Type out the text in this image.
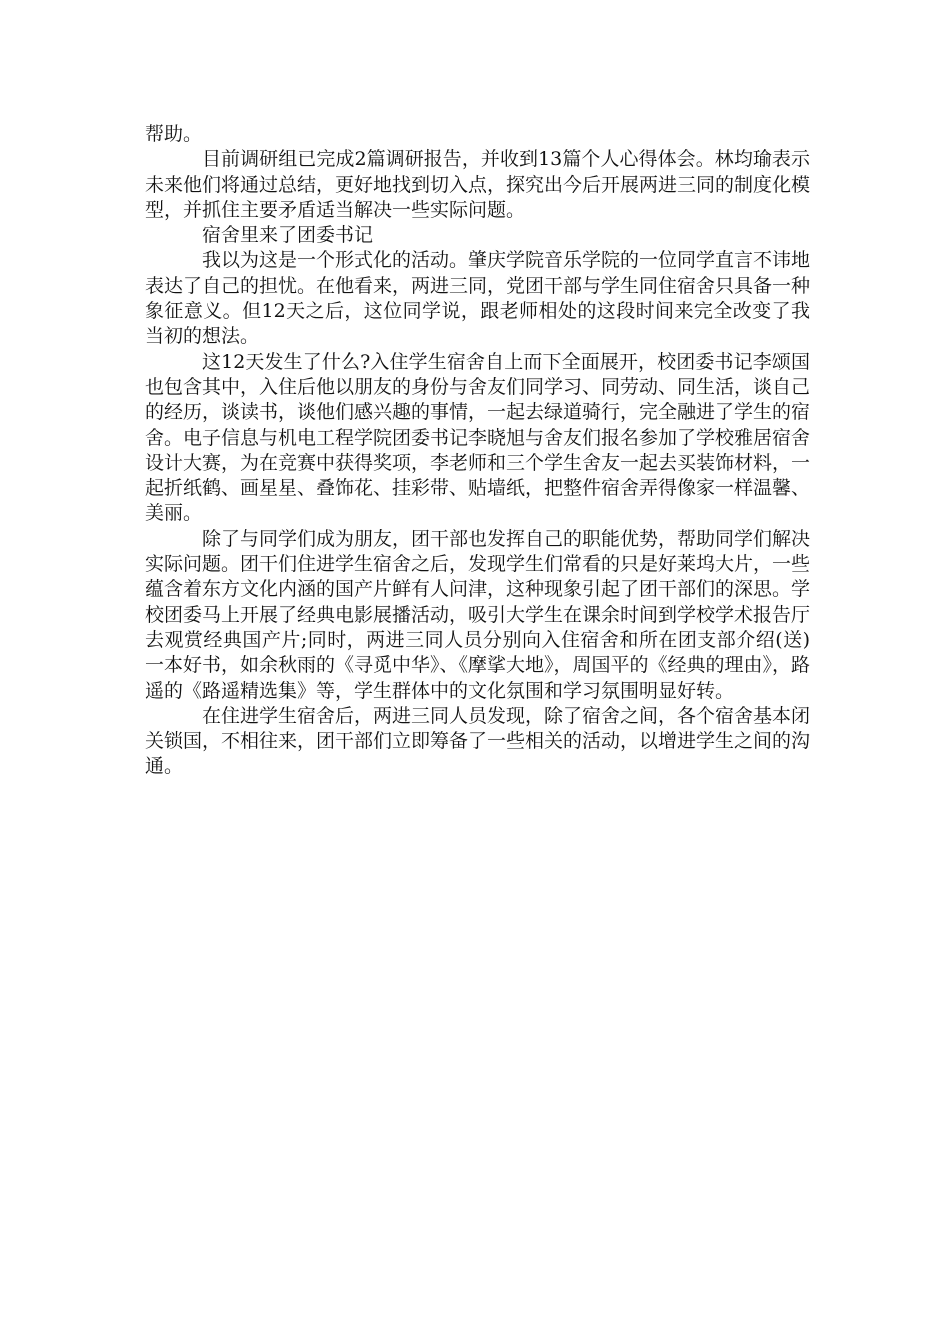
帮助。

目前调研组已完成2篇调研报告，并收到13篇个人心得体会。林均瑜表示未来他们将通过总结，更好地找到切入点，探究出今后开展两进三同的制度化模型，并抓住主要矛盾适当解决一些实际问题。

宿舍里来了团委书记

我以为这是一个形式化的活动。肇庆学院音乐学院的一位同学直言不讳地表达了自己的担忧。在他看来，两进三同，党团干部与学生同住宿舍只具备一种象征意义。但12天之后，这位同学说，跟老师相处的这段时间来完全改变了我当初的想法。

这12天发生了什么?入住学生宿舍自上而下全面展开，校团委书记李颂国也包含其中，入住后他以朋友的身份与舍友们同学习、同劳动、同生活，谈自己的经历，谈读书，谈他们感兴趣的事情，一起去绿道骑行，完全融进了学生的宿舍。电子信息与机电工程学院团委书记李晓旭与舍友们报名参加了学校雅居宿舍设计大赛，为在竞赛中获得奖项，李老师和三个学生舍友一起去买装饰材料，一起折纸鹤、画星星、叠饰花、挂彩带、贴墙纸，把整件宿舍弄得像家一样温馨、美丽。

除了与同学们成为朋友，团干部也发挥自己的职能优势，帮助同学们解决实际问题。团干们住进学生宿舍之后，发现学生们常看的只是好莱坞大片，一些蕴含着东方文化内涵的国产片鲜有人问津，这种现象引起了团干部们的深思。学校团委马上开展了经典电影展播活动，吸引大学生在课余时间到学校学术报告厅去观赏经典国产片;同时，两进三同人员分别向入住宿舍和所在团支部介绍(送)一本好书，如余秋雨的《寻觅中华》、《摩挲大地》，周国平的《经典的理由》，路遥的《路遥精选集》等，学生群体中的文化氛围和学习氛围明显好转。

在住进学生宿舍后，两进三同人员发现，除了宿舍之间，各个宿舍基本闭关锁国，不相往来，团干部们立即筹备了一些相关的活动，以增进学生之间的沟通。
